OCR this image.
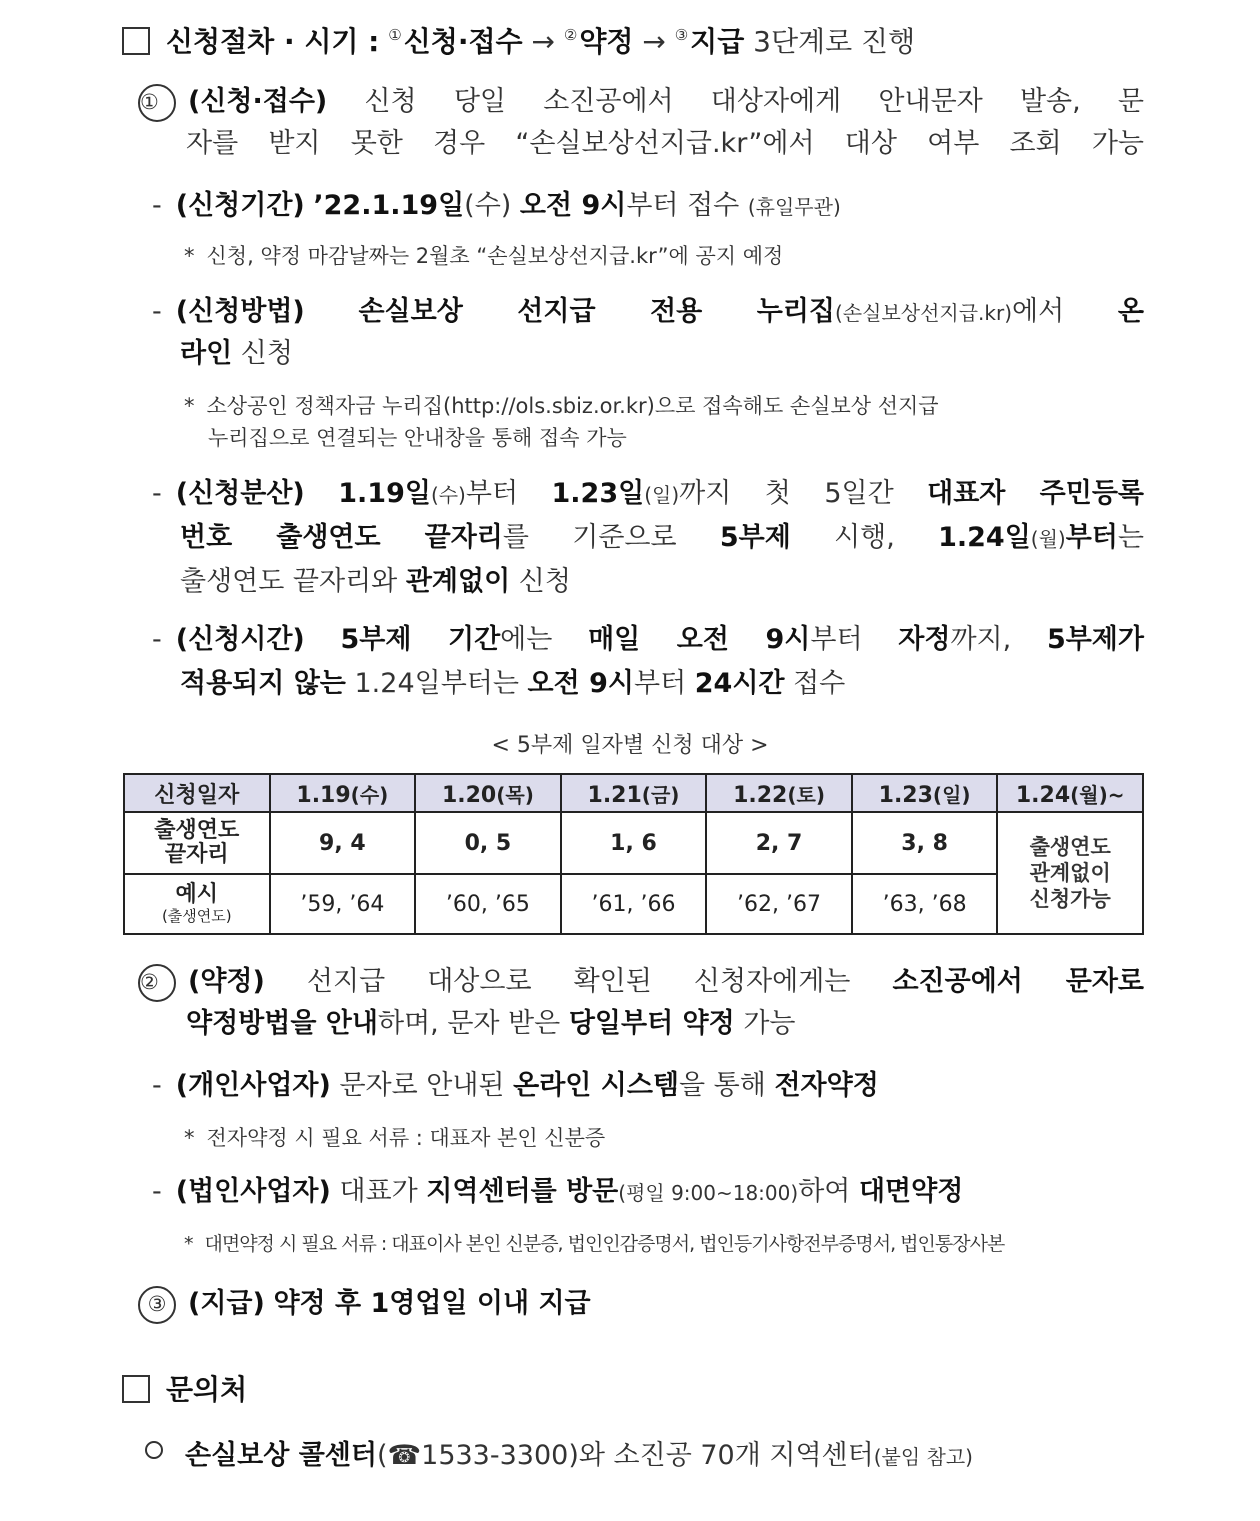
신청절차 · 시기 : ①신청·접수 → ②약정 → ③지급 3단계로 진행
① (신청·접수) 신청 당일 소진공에서 대상자에게 안내문자 발송, 문
자를 받지 못한 경우 “손실보상선지급.kr”에서 대상 여부 조회 가능
- (신청기간) ’22.1.19일(수) 오전 9시부터 접수 (휴일무관)
* 신청, 약정 마감날짜는 2월초 “손실보상선지급.kr”에 공지 예정
- (신청방법) 손실보상 선지급 전용 누리집(손실보상선지급.kr)에서 온
라인 신청
* 소상공인 정책자금 누리집(http://ols.sbiz.or.kr)으로 접속해도 손실보상 선지급
누리집으로 연결되는 안내창을 통해 접속 가능
- (신청분산) 1.19일(수)부터 1.23일(일)까지 첫 5일간 대표자 주민등록
번호 출생연도 끝자리를 기준으로 5부제 시행, 1.24일(월)부터는
출생연도 끝자리와 관계없이 신청
- (신청시간) 5부제 기간에는 매일 오전 9시부터 자정까지, 5부제가
적용되지 않는 1.24일부터는 오전 9시부터 24시간 접수
< 5부제 일자별 신청 대상 >
신청일자	1.19(수)	1.20(목)	1.21(금)	1.22(토)	1.23(일)	1.24(월)~
출생연도
끝자리	9, 4	0, 5	1, 6	2, 7	3, 8	출생연도
관계없이
신청가능
예시
(출생연도)	’59, ’64	’60, ’65	’61, ’66	’62, ’67	’63, ’68	
② (약정) 선지급 대상으로 확인된 신청자에게는 소진공에서 문자로
약정방법을 안내하며, 문자 받은 당일부터 약정 가능
- (개인사업자) 문자로 안내된 온라인 시스템을 통해 전자약정
* 전자약정 시 필요 서류 : 대표자 본인 신분증
- (법인사업자) 대표가 지역센터를 방문(평일 9:00~18:00)하여 대면약정
* 대면약정 시 필요 서류 : 대표이사 본인 신분증, 법인인감증명서, 법인등기사항전부증명서, 법인통장사본
③ (지급) 약정 후 1영업일 이내 지급
문의처
손실보상 콜센터(☎1533-3300)와 소진공 70개 지역센터(붙임 참고)
